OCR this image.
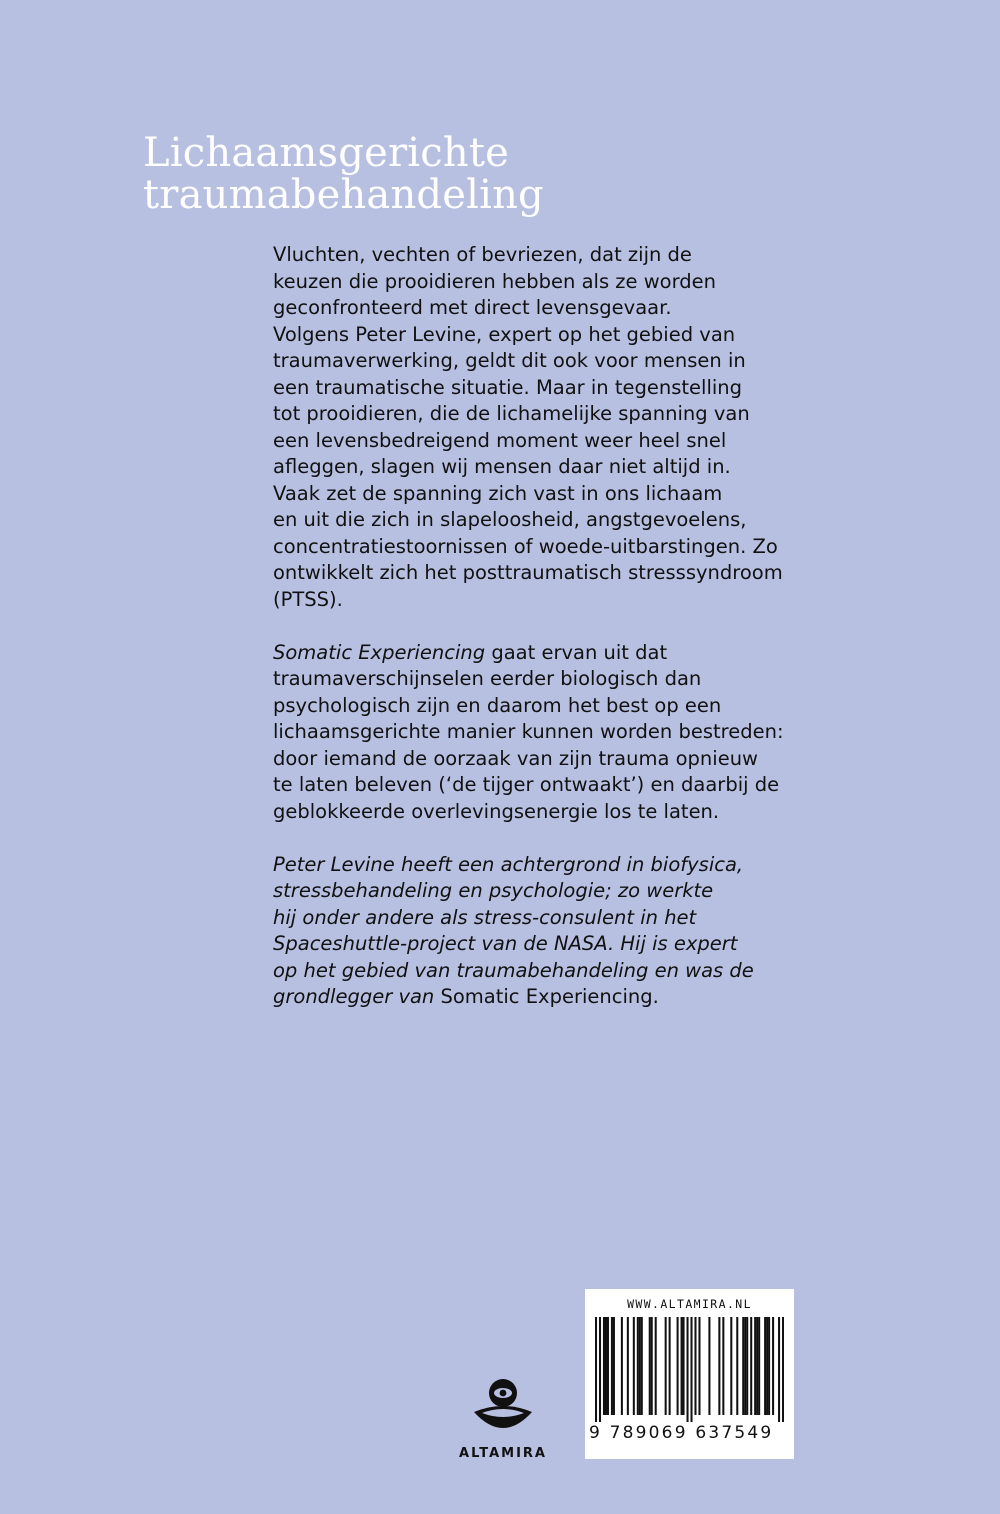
Lichaamsgerichte
traumabehandeling

Vluchten, vechten of bevriezen, dat zijn de
keuzen die prooidieren hebben als ze worden
geconfronteerd met direct levensgevaar.
Volgens Peter Levine, expert op het gebied van
traumaverwerking, geldt dit ook voor mensen in
een traumatische situatie. Maar in tegenstelling
tot prooidieren, die de lichamelijke spanning van
een levensbedreigend moment weer heel snel
afleggen, slagen wij mensen daar niet altijd in.
Vaak zet de spanning zich vast in ons lichaam
en uit die zich in slapeloosheid, angstgevoelens,
concentratiestoornissen of woede-uitbarstingen. Zo
ontwikkelt zich het posttraumatisch stresssyndroom
(PTSS).

Somatic Experiencing gaat ervan uit dat
traumaverschijnselen eerder biologisch dan
psychologisch zijn en daarom het best op een
lichaamsgerichte manier kunnen worden bestreden:
door iemand de oorzaak van zijn trauma opnieuw
te laten beleven (‘de tijger ontwaakt’) en daarbij de
geblokkeerde overlevingsenergie los te laten.

Peter Levine heeft een achtergrond in biofysica,
stressbehandeling en psychologie; zo werkte
hij onder andere als stress-consulent in het
Spaceshuttle-project van de NASA. Hij is expert
op het gebied van traumabehandeling en was de
grondlegger van Somatic Experiencing.

ALTAMIRA
WWW.ALTAMIRA.NL
9 789069 637549
